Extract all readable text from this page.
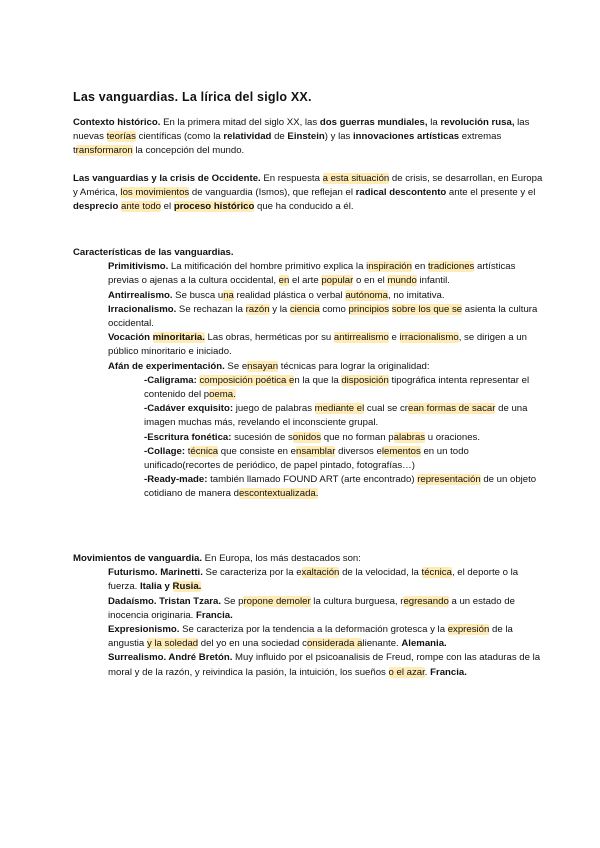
Las vanguardias. La lírica del siglo XX.

Contexto histórico. En la primera mitad del siglo XX, las dos guerras mundiales, la revolución rusa, las nuevas teorías científicas (como la relatividad de Einstein) y las innovaciones artísticas extremas transformaron la concepción del mundo.

Las vanguardias y la crisis de Occidente. En respuesta a esta situación de crisis, se desarrollan, en Europa y América, los movimientos de vanguardia (Ismos), que reflejan el radical descontento ante el presente y el desprecio ante todo el proceso histórico que ha conducido a él.

Características de las vanguardias.

Primitivismo. La mitificación del hombre primitivo explica la inspiración en tradiciones artísticas previas o ajenas a la cultura occidental, en el arte popular o en el mundo infantil.

Antirrealismo. Se busca una realidad plástica o verbal autónoma, no imitativa.

Irracionalismo. Se rechazan la razón y la ciencia como principios sobre los que se asienta la cultura occidental.

Vocación minoritaria. Las obras, herméticas por su antirrealismo e irracionalismo, se dirigen a un público minoritario e iniciado.

Afán de experimentación. Se ensayan técnicas para lograr la originalidad:

-Caligrama: composición poética en la que la disposición tipográfica intenta representar el contenido del poema.

-Cadáver exquisito: juego de palabras mediante el cual se crean formas de sacar de una imagen muchas más, revelando el inconsciente grupal.

-Escritura fonética: sucesión de sonidos que no forman palabras u oraciones.

-Collage: técnica que consiste en ensamblar diversos elementos en un todo unificado(recortes de periódico, de papel pintado, fotografías…)

-Ready-made: también llamado FOUND ART (arte encontrado) representación de un objeto cotidiano de manera descontextualizada.

Movimientos de vanguardia. En Europa, los más destacados son:

Futurismo. Marinetti. Se caracteriza por la exaltación de la velocidad, la técnica, el deporte o la fuerza. Italia y Rusia.

Dadaísmo. Tristan Tzara. Se propone demoler la cultura burguesa, regresando a un estado de inocencia originaria. Francia.

Expresionismo. Se caracteriza por la tendencia a la deformación grotesca y la expresión de la angustia y la soledad del yo en una sociedad considerada alienante. Alemania.

Surrealismo. André Bretón. Muy influido por el psicoanalisis de Freud, rompe con las ataduras de la moral y de la razón, y reivindica la pasión, la intuición, los sueños o el azar. Francia.
